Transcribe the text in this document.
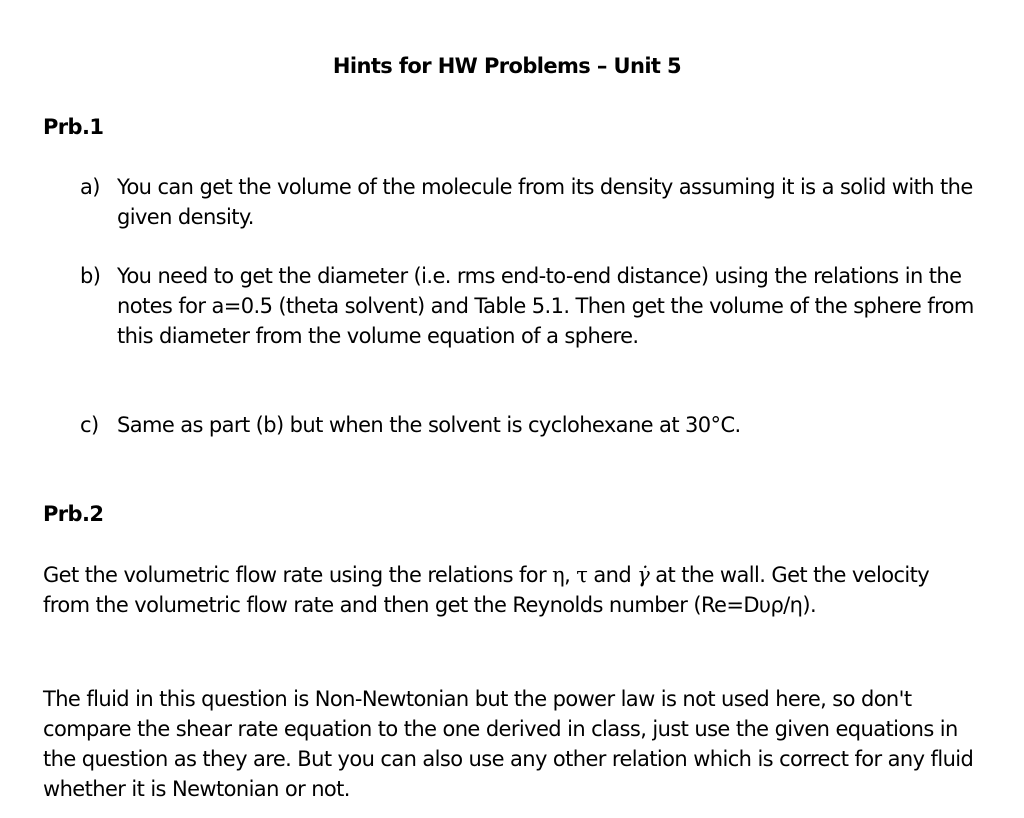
Hints for HW Problems – Unit 5
Prb.1
a) You can get the volume of the molecule from its density assuming it is a solid with the given density.
b) You need to get the diameter (i.e. rms end-to-end distance) using the relations in the notes for a=0.5 (theta solvent) and Table 5.1. Then get the volume of the sphere from this diameter from the volume equation of a sphere.
c) Same as part (b) but when the solvent is cyclohexane at 30°C.
Prb.2
Get the volumetric flow rate using the relations for η, τ and γ̇ at the wall. Get the velocity from the volumetric flow rate and then get the Reynolds number (Re=Dυρ/η).
The fluid in this question is Non-Newtonian but the power law is not used here, so don't compare the shear rate equation to the one derived in class, just use the given equations in the question as they are. But you can also use any other relation which is correct for any fluid whether it is Newtonian or not.
